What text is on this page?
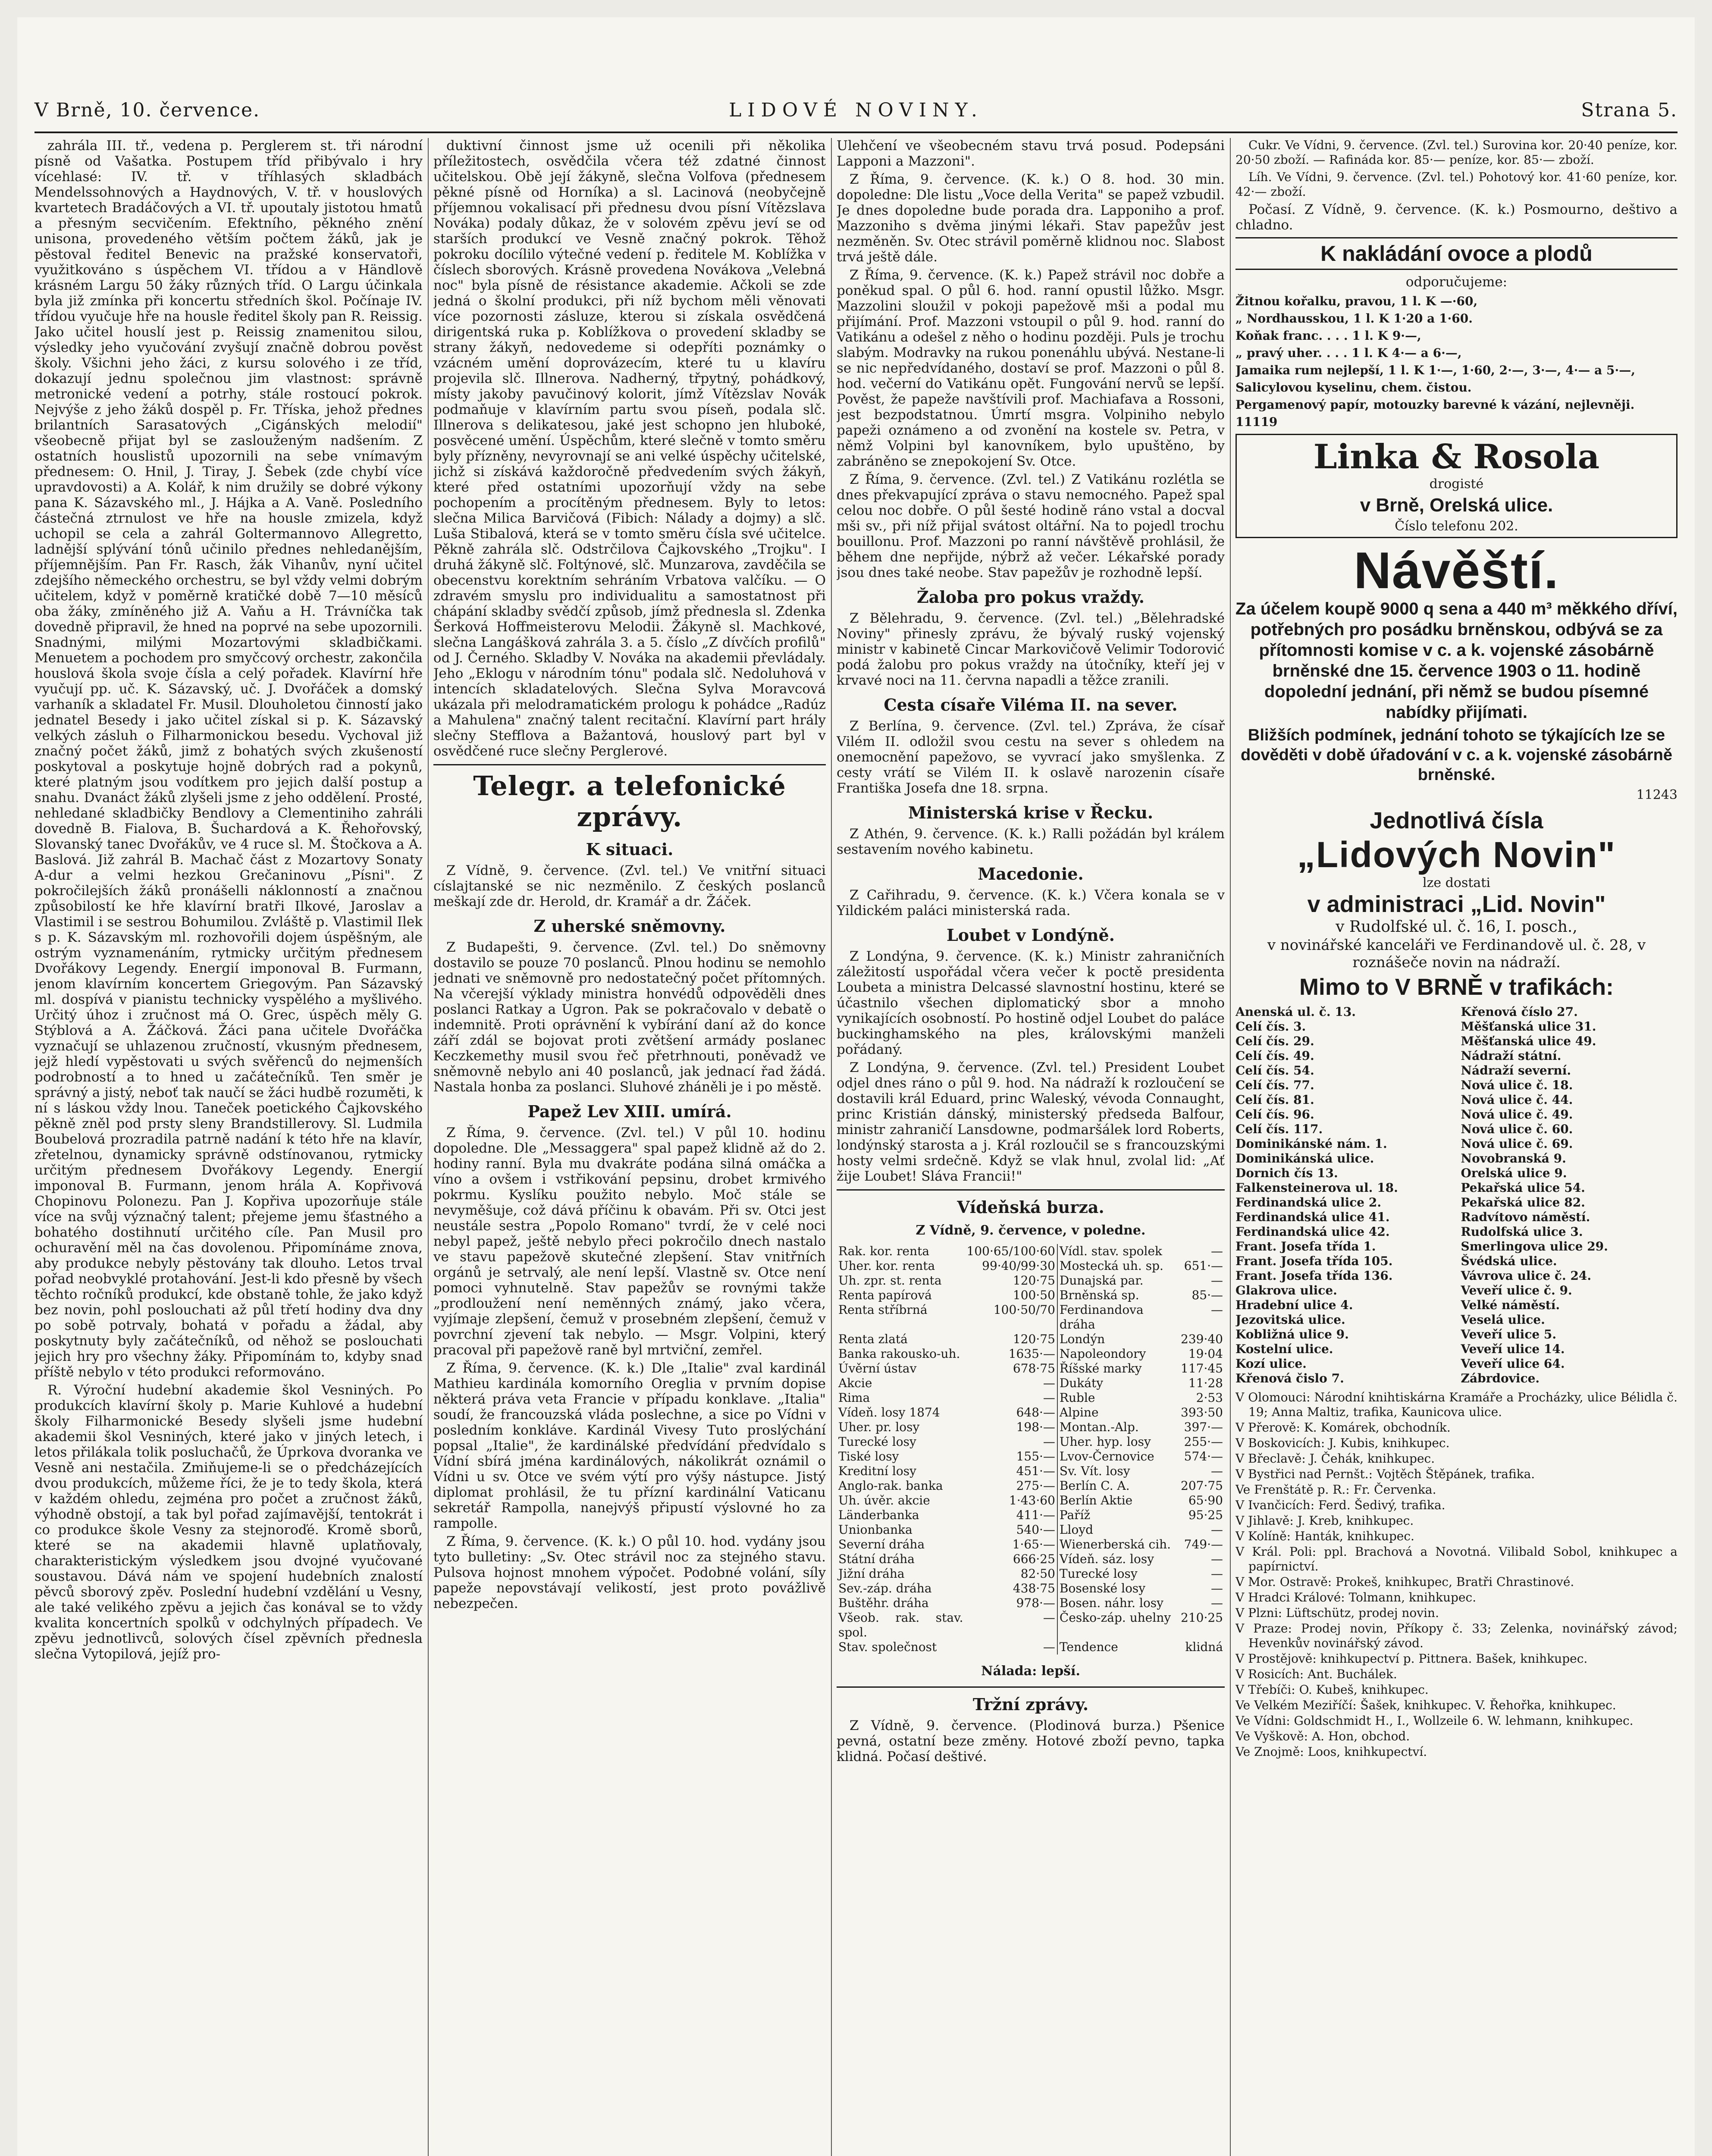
V Brně, 10. července.	LIDOVÉ NOVINY.	Strana 5.

zahrála III. tř., vedena p. Perglerem st. tři národní písně od Vašatka. Postupem tříd přibývalo i hry vícehlasé: IV. tř. v tříhlasých skladbách Mendelssohnových a Haydnových, V. tř. v houslových kvartetech Bradáčových a VI. tř. upoutaly jistotou hmatů a přesným secvičením. Efektního, pěkného znění unisona, provedeného větším počtem žáků, jak je pěstoval ředitel Benevic na pražské konservatoři, využitkováno s úspěchem VI. třídou a v Händlově krásném Largu 50 žáky různých tříd. O Largu účinkala byla již zmínka při koncertu středních škol. Počínaje IV. třídou vyučuje hře na housle ředitel školy pan R. Reissig. Jako učitel houslí jest p. Reissig znamenitou silou, výsledky jeho vyučování zvyšují značně dobrou pověst školy. Všichni jeho žáci, z kursu solového i ze tříd, dokazují jednu společnou jim vlastnost: správně metronické vedení a potrhy, stále rostoucí pokrok. Nejvýše z jeho žáků dospěl p. Fr. Tříska, jehož přednes brilantních Sarasatových „Cigánských melodií" všeobecně přijat byl se zaslouženým nadšením. Z ostatních houslistů upozornili na sebe vnímavým přednesem: O. Hnil, J. Tiray, J. Šebek (zde chybí více upravdovosti) a A. Kolář, k nim družily se dobré výkony pana K. Sázavského ml., J. Hájka a A. Vaně. Posledního částečná ztrnulost ve hře na housle zmizela, když uchopil se cela a zahrál Goltermannovo Allegretto, ladnější splývání tónů učinilo přednes nehledanějším, příjemnějším. Pan Fr. Rasch, žák Vihanův, nyní učitel zdejšího německého orchestru, se byl vždy velmi dobrým učitelem, když v poměrně kratičké době 7—10 měsíců oba žáky, zmíněného již A. Vaňu a H. Trávníčka tak dovedně připravil, že hned na poprvé na sebe upozornili. Snadnými, milými Mozartovými skladbičkami. Menuetem a pochodem pro smyčcový orchestr, zakončila houslová škola svoje čísla a celý pořadek. Klavírní hře vyučují pp. uč. K. Sázavský, uč. J. Dvořáček a domský varhaník a skladatel Fr. Musil. Dlouholetou činností jako jednatel Besedy i jako učitel získal si p. K. Sázavský velkých zásluh o Filharmonickou besedu. Vychoval již značný počet žáků, jimž z bohatých svých zkušeností poskytoval a poskytuje hojně dobrých rad a pokynů, které platným jsou vodítkem pro jejich další postup a snahu. Dvanáct žáků zlyšeli jsme z jeho oddělení. Prosté, nehledané skladbičky Bendlovy a Clementiniho zahráli dovedně B. Fialova, B. Šuchardová a K. Řehořovský, Slovanský tanec Dvořákův, ve 4 ruce sl. M. Štočkova a A. Baslová. Již zahrál B. Machač část z Mozartovy Sonaty A-dur a velmi hezkou Grečaninovu „Písni". Z pokročilejších žáků pronášelli náklonností a značnou způsobilostí ke hře klavírní bratři Ilkové, Jaroslav a Vlastimil i se sestrou Bohumilou. Zvláště p. Vlastimil Ilek s p. K. Sázavským ml. rozhovořili dojem úspěšným, ale ostrým vyznamenáním, rytmicky určitým přednesem Dvořákovy Legendy. Energií imponoval B. Furmann, jenom klavírním koncertem Griegovým. Pan Sázavský ml. dospívá v pianistu technicky vyspělého a myšlivého. Určitý úhoz i zručnost má O. Grec, úspěch měly G. Stýblová a A. Žáčková. Žáci pana učitele Dvořáčka vyznačují se uhlazenou zručností, vkusným přednesem, jejž hledí vypěstovati u svých svěřenců do nejmenších podrobností a to hned u začátečníků. Ten směr je správný a jistý, neboť tak naučí se žáci hudbě rozuměti, k ní s láskou vždy lnou. Taneček poetického Čajkovského pěkně zněl pod prsty sleny Brandstillerovy. Sl. Ludmila Boubelová prozradila patrně nadání k této hře na klavír, zřetelnou, dynamicky správně odstínovanou, rytmicky určitým přednesem Dvořákovy Legendy. Energií imponoval B. Furmann, jenom hrála A. Kopřivová Chopinovu Polonezu. Pan J. Kopřiva upozorňuje stále více na svůj význačný talent; přejeme jemu šťastného a bohatého dostihnutí určitého cíle. Pan Musil pro ochuravění měl na čas dovolenou. Připomínáme znova, aby produkce nebyly pěstovány tak dlouho. Letos trval pořad neobvyklé protahování. Jest-li kdo přesně by všech těchto ročníků produkcí, kde obstaně tohle, že jako když bez novin, pohl poslouchati až půl třetí hodiny dva dny po sobě potrvaly, bohatá v pořadu a žádal, aby poskytnuty byly začátečníků, od něhož se poslouchati jejich hry pro všechny žáky. Připomínám to, kdyby snad příště nebylo v této produkci reformováno.

R. Výroční hudební akademie škol Vesniných. Po produkcích klavírní školy p. Marie Kuhlové a hudební školy Filharmonické Besedy slyšeli jsme hudební akademii škol Vesniných, které jako v jiných letech, i letos přilákala tolik posluchačů, že Úprkova dvoranka ve Vesně ani nestačila. Zmiňujeme-li se o předcházejících dvou produkcích, můžeme říci, že je to tedy škola, která v každém ohledu, zejména pro počet a zručnost žáků, výhodně obstojí, a tak byl pořad zajímavější, tentokrát i co produkce škole Vesny za stejnoroďé. Kromě sborů, které se na akademii hlavně uplatňovaly, charakteristickým výsledkem jsou dvojné vyučované soustavou. Dává nám ve spojení hudebních znalostí pěvců sborový zpěv. Poslední hudební vzdělání u Vesny, ale také velikého zpěvu a jejich čas konával se to vždy kvalita koncertních spolků v odchylných případech. Ve zpěvu jednotlivců, solových čísel zpěvních přednesla slečna Vytopilová, jejíž pro-

duktivní činnost jsme už ocenili při několika příležitostech, osvědčila včera též zdatné činnost učitelskou. Obě její žákyně, slečna Volfova (přednesem pěkné písně od Horníka) a sl. Lacinová (neobyčejně příjemnou vokalisací při přednesu dvou písní Vítězslava Nováka) podaly důkaz, že v solovém zpěvu jeví se od starších produkcí ve Vesně značný pokrok. Těhož pokroku docílilo výtečné vedení p. ředitele M. Koblížka v číslech sborových. Krásně provedena Novákova „Velebná noc" byla písně de résistance akademie. Ačkoli se zde jedná o školní produkci, při níž bychom měli věnovati více pozornosti zásluze, kterou si získala osvědčená dirigentská ruka p. Koblížkova o provedení skladby se strany žákyň, nedovedeme si odepříti poznámky o vzácném umění doprovázecím, které tu u klavíru projevila slč. Illnerova. Nadherný, třpytný, pohádkový, místy jakoby pavučinový kolorit, jímž Vítězslav Novák podmaňuje v klavírním partu svou píseň, podala slč. Illnerova s delikatesou, jaké jest schopno jen hluboké, posvěcené umění. Úspěchům, které slečně v tomto směru byly přízněny, nevyrovnají se ani velké úspěchy učitelské, jichž si získává každoročně předvedením svých žákyň, které před ostatními upozorňují vždy na sebe pochopením a procítěným přednesem. Byly to letos: slečna Milica Barvičová (Fibich: Nálady a dojmy) a slč. Luša Stibalová, která se v tomto směru čísla své učitelce. Pěkně zahrála slč. Odstrčilova Čajkovského „Trojku". I druhá žákyně slč. Foltýnové, slč. Munzarova, zavděčila se obecenstvu korektním sehráním Vrbatova valčíku. — O zdravém smyslu pro individualitu a samostatnost při chápání skladby svědčí způsob, jímž přednesla sl. Zdenka Šerková Hoffmeisterovu Melodii. Žákyně sl. Machkové, slečna Langášková zahrála 3. a 5. číslo „Z dívčích profilů" od J. Černého. Skladby V. Nováka na akademii převládaly. Jeho „Eklogu v národním tónu" podala slč. Nedoluhová v intencích skladatelových. Slečna Sylva Moravcová ukázala při melodramatickém prologu k pohádce „Radúz a Mahulena" značný talent recitační. Klavírní part hrály slečny Stefflova a Bažantová, houslový part byl v osvědčené ruce slečny Perglerové.

Telegr. a telefonické zprávy.
K situaci.

Z Vídně, 9. července. (Zvl. tel.) Ve vnitřní situaci císlajtanské se nic nezměnilo. Z českých poslanců meškají zde dr. Herold, dr. Kramář a dr. Žáček.

Z uherské sněmovny.

Z Budapešti, 9. července. (Zvl. tel.) Do sněmovny dostavilo se pouze 70 poslanců. Plnou hodinu se nemohlo jednati ve sněmovně pro nedostatečný počet přítomných. Na včerejší výklady ministra honvédů odpověděli dnes poslanci Ratkay a Ugron. Pak se pokračovalo v debatě o indemnitě. Proti oprávnění k vybírání daní až do konce září zdál se bojovat proti zvětšení armády poslanec Keczkemethy musil svou řeč přetrhnouti, poněvadž ve sněmovně nebylo ani 40 poslanců, jak jednací řad žádá. Nastala honba za poslanci. Sluhové zháněli je i po městě.

Papež Lev XIII. umírá.

Z Říma, 9. července. (Zvl. tel.) V půl 10. hodinu dopoledne. Dle „Messaggera" spal papež klidně až do 2. hodiny ranní. Byla mu dvakráte podána silná omáčka a víno a ovšem i vstřikování pepsinu, drobet krmivého pokrmu. Kyslíku použito nebylo. Moč stále se nevyměšuje, což dává příčinu k obavám. Při sv. Otci jest neustále sestra „Popolo Romano" tvrdí, že v celé noci nebyl papež, ještě nebylo přeci pokročilo dnech nastalo ve stavu papežově skutečné zlepšení. Stav vnitřních orgánů je setrvalý, ale není lepší. Vlastně sv. Otce není pomoci vyhnutelně. Stav papežův se rovnými takže „prodloužení není neměnných známý, jako včera, vyjímaje zlepšení, čemuž v prosebném zlepšení, čemuž v povrchní zjevení tak nebylo. — Msgr. Volpini, který pracoval při papežově raně byl mrtviční, zemřel.

Z Říma, 9. července. (K. k.) Dle „Italie" zval kardinál Mathieu kardinála komorního Oreglia v prvním dopise některá práva veta Francie v případu konklave. „Italia" soudí, že francouzská vláda poslechne, a sice po Vídni v posledním konkláve. Kardinál Vivesy Tuto proslýchání popsal „Italie", že kardinálské předvídání předvídalo s Vídní sbírá jména kardinálových, nákolikrát oznámil o Vídni u sv. Otce ve svém výtí pro výšy nástupce. Jistý diplomat prohlásil, že tu přízní kardinální Vaticanu sekretář Rampolla, nanejvýš připustí výslovné ho za rampolle.

Z Říma, 9. července. (K. k.) O půl 10. hod. vydány jsou tyto bulletiny: „Sv. Otec strávil noc za stejného stavu. Pulsova hojnost mnohem výpočet. Podobné volání, síly papeže nepovstávají velikostí, jest proto povážlivě nebezpečen.

Ulehčení ve všeobecném stavu trvá posud. Podepsáni Lapponi a Mazzoni".

Z Říma, 9. července. (K. k.) O 8. hod. 30 min. dopoledne: Dle listu „Voce della Verita" se papež vzbudil. Je dnes dopoledne bude porada dra. Lapponiho a prof. Mazzoniho s dvěma jinými lékaři. Stav papežův jest nezměněn. Sv. Otec strávil poměrně klidnou noc. Slabost trvá ještě dále.

Z Říma, 9. července. (K. k.) Papež strávil noc dobře a poněkud spal. O půl 6. hod. ranní opustil lůžko. Msgr. Mazzolini sloužil v pokoji papežově mši a podal mu přijímání. Prof. Mazzoni vstoupil o půl 9. hod. ranní do Vatikánu a odešel z něho o hodinu později. Puls je trochu slabým. Modravky na rukou ponenáhlu ubývá. Nestane-li se nic nepředvídaného, dostaví se prof. Mazzoni o půl 8. hod. večerní do Vatikánu opět. Fungování nervů se lepší. Pověst, že papeže navštívili prof. Machiafava a Rossoni, jest bezpodstatnou. Úmrtí msgra. Volpiniho nebylo papeži oznámeno a od zvonění na kostele sv. Petra, v němž Volpini byl kanovníkem, bylo upuštěno, by zabráněno se znepokojení Sv. Otce.

Z Říma, 9. července. (Zvl. tel.) Z Vatikánu rozlétla se dnes překvapující zpráva o stavu nemocného. Papež spal celou noc dobře. O půl šesté hodině ráno vstal a docval mši sv., při níž přijal svátost oltářní. Na to pojedl trochu bouillonu. Prof. Mazzoni po ranní návštěvě prohlásil, že během dne nepřijde, nýbrž až večer. Lékařské porady jsou dnes také neobe. Stav papežův je rozhodně lepší.

Žaloba pro pokus vraždy.

Z Bělehradu, 9. července. (Zvl. tel.) „Bělehradské Noviny" přinesly zprávu, že bývalý ruský vojenský ministr v kabinetě Cincar Markovičově Velimir Todorović podá žalobu pro pokus vraždy na útočníky, kteří jej v krvavé noci na 11. června napadli a těžce zranili.

Cesta císaře Viléma II. na sever.

Z Berlína, 9. července. (Zvl. tel.) Zpráva, že císař Vilém II. odložil svou cestu na sever s ohledem na onemocnění papežovo, se vyvrací jako smyšlenka. Z cesty vrátí se Vilém II. k oslavě narozenin císaře Františka Josefa dne 18. srpna.

Ministerská krise v Řecku.

Z Athén, 9. července. (K. k.) Ralli požádán byl králem sestavením nového kabinetu.

Macedonie.

Z Cařihradu, 9. července. (K. k.) Včera konala se v Yildickém paláci ministerská rada.

Loubet v Londýně.

Z Londýna, 9. července. (K. k.) Ministr zahraničních záležitostí uspořádal včera večer k poctě presidenta Loubeta a ministra Delcassé slavnostní hostinu, které se účastnilo všechen diplomatický sbor a mnoho vynikajících osobností. Po hostině odjel Loubet do paláce buckinghamského na ples, královskými manželi pořádaný.

Z Londýna, 9. července. (Zvl. tel.) President Loubet odjel dnes ráno o půl 9. hod. Na nádraží k rozloučení se dostavili král Eduard, princ Waleský, vévoda Connaught, princ Kristián dánský, ministerský předseda Balfour, ministr zahraničí Lansdowne, podmaršálek lord Roberts, londýnský starosta a j. Král rozloučil se s francouzskými hosty velmi srdečně. Když se vlak hnul, zvolal lid: „Ať žije Loubet! Sláva Francii!"

Vídeňská burza.
Z Vídně, 9. července, v poledne.
Rak. kor. renta	100·65/100·60	Vídl. stav. spolek	—
Uher. kor. renta	99·40/99·30	Mostecká uh. sp.	651·—
Uh. zpr. st. renta	120·75	Dunajská par.	—
Renta papírová	100·50	Brněnská sp.	85·—
Renta stříbrná	100·50/70	Ferdinandova dráha	—
Renta zlatá	120·75	Londýn	239·40
Banka rakousko-uh.	1635·—	Napoleondory	19·04
Úvěrní ústav	678·75	Říšské marky	117·45
Akcie	—	Dukáty	11·28
Rima	—	Ruble	2·53
Vídeň. losy 1874	648·—	Alpine	393·50
Uher. pr. losy	198·—	Montan.-Alp.	397·—
Turecké losy	—	Uher. hyp. losy	255·—
Tiské losy	155·—	Lvov-Černovice	574·—
Kreditní losy	451·—	Sv. Vít. losy	—
Anglo-rak. banka	275·—	Berlín C. A.	207·75
Uh. úvěr. akcie	1·43·60	Berlín Aktie	65·90
Länderbanka	411·—	Paříž	95·25
Unionbanka	540·—	Lloyd	—
Severní dráha	1·65·—	Wienerberská cih.	749·—
Státní dráha	666·25	Vídeň. sáz. losy	—
Jižní dráha	82·50	Turecké losy	—
Sev.-záp. dráha	438·75	Bosenské losy	—
Buštěhr. dráha	978·—	Bosen. náhr. losy	—
Všeob. rak. stav. spol.	—	Česko-záp. uhelny	210·25
Stav. společnost	—	Tendence	klidná
Nálada: lepší.
Tržní zprávy.

Z Vídně, 9. července. (Plodinová burza.) Pšenice pevná, ostatní beze změny. Hotové zboží pevno, tapka klidná. Počasí deštivé.

Cukr. Ve Vídni, 9. července. (Zvl. tel.) Surovina kor. 20·40 peníze, kor. 20·50 zboží. — Rafináda kor. 85·— peníze, kor. 85·— zboží.

Líh. Ve Vídni, 9. července. (Zvl. tel.) Pohotový kor. 41·60 peníze, kor. 42·— zboží.

Počasí. Z Vídně, 9. července. (K. k.) Posmourno, deštivo a chladno.

K nakládání ovoce a plodů
odporučujeme:

Žitnou kořalku, pravou, 1 l. K —·60,

„ Nordhausskou, 1 l. K 1·20 a 1·60.

Koňak franc. . . . 1 l. K 9·—,

„ pravý uher. . . . 1 l. K 4·— a 6·—,

Jamaika rum nejlepší, 1 l. K 1·—, 1·60, 2·—, 3·—, 4·— a 5·—,

Salicylovou kyselinu, chem. čistou.

Pergamenový papír, motouzky barevné k vázání, nejlevněji.

11119

Linka & Rosola
drogisté
v Brně, Orelská ulice.
Číslo telefonu 202.
Návěští.

Za účelem koupě 9000 q sena a 440 m³ měkkého dříví, potřebných pro posádku brněnskou, odbývá se za přítomnosti komise v c. a k. vojenské zásobárně brněnské dne 15. července 1903 o 11. hodině dopolední jednání, při němž se budou písemné nabídky přijímati.

Bližších podmínek, jednání tohoto se týkajících lze se dověděti v době úřadování v c. a k. vojenské zásobárně brněnské.

11243
Jednotlivá čísla
„Lidových Novin"
lze dostati
v administraci „Lid. Novin"
v Rudolfské ul. č. 16, I. posch.,
v novinářské kanceláři ve Ferdinandově ul. č. 28, v roznášeče novin na nádraží.
Mimo to V BRNĚ v trafikách:
Anenská ul. č. 13.
Celí čís. 3.
Celí čís. 29.
Celí čís. 49.
Celí čís. 54.
Celí čís. 77.
Celí čís. 81.
Celí čís. 96.
Celí čís. 117.
Dominikánské nám. 1.
Dominikánská ulice.
Dornich čís 13.
Falkensteinerova ul. 18.
Ferdinandská ulice 2.
Ferdinandská ulice 41.
Ferdinandská ulice 42.
Frant. Josefa třída 1.
Frant. Josefa třída 105.
Frant. Josefa třída 136.
Glakrova ulice.
Hradební ulice 4.
Jezovitská ulice.
Kobližná ulice 9.
Kostelní ulice.
Kozí ulice.
Křenová čislo 7.
Křenová číslo 27.
Měšťanská ulice 31.
Měšťanská ulice 49.
Nádraží státní.
Nádraží severní.
Nová ulice č. 18.
Nová ulice č. 44.
Nová ulice č. 49.
Nová ulice č. 60.
Nová ulice č. 69.
Novobranská 9.
Orelská ulice 9.
Pekařská ulice 54.
Pekařská ulice 82.
Radvítovo náměstí.
Rudolfská ulice 3.
Smerlingova ulice 29.
Švédská ulice.
Vávrova ulice č. 24.
Veveří ulice č. 9.
Velké náměstí.
Veselá ulice.
Veveří ulice 5.
Veveří ulice 14.
Veveří ulice 64.
Zábrdovice.

V Olomouci: Národní knihtiskárna Kramáře a Procházky, ulice Bélidla č. 19; Anna Maltiz, trafika, Kaunicova ulice.

V Přerově: K. Komárek, obchodník.

V Boskovicích: J. Kubis, knihkupec.

V Břeclavě: J. Čehák, knihkupec.

V Bystřici nad Pernšt.: Vojtěch Štěpánek, trafika.

Ve Frenštátě p. R.: Fr. Červenka.

V Ivančicích: Ferd. Šedivý, trafika.

V Jihlavě: J. Kreb, knihkupec.

V Kolíně: Hanták, knihkupec.

V Král. Poli: ppl. Brachová a Novotná. Vilibald Sobol, knihkupec a papírnictví.

V Mor. Ostravě: Prokeš, knihkupec, Bratři Chrastinové.

V Hradci Králové: Tolmann, knihkupec.

V Plzni: Lüftschütz, prodej novin.

V Praze: Prodej novin, Příkopy č. 33; Zelenka, novinářský závod; Hevenkův novinářský závod.

V Prostějově: knihkupectví p. Pittnera. Bašek, knihkupec.

V Rosicích: Ant. Buchálek.

V Třebíči: O. Kubeš, knihkupec.

Ve Velkém Meziříčí: Šašek, knihkupec. V. Řehořka, knihkupec.

Ve Vídni: Goldschmidt H., I., Wollzeile 6. W. lehmann, knihkupec.

Ve Vyškově: A. Hon, obchod.

Ve Znojmě: Loos, knihkupectví.
